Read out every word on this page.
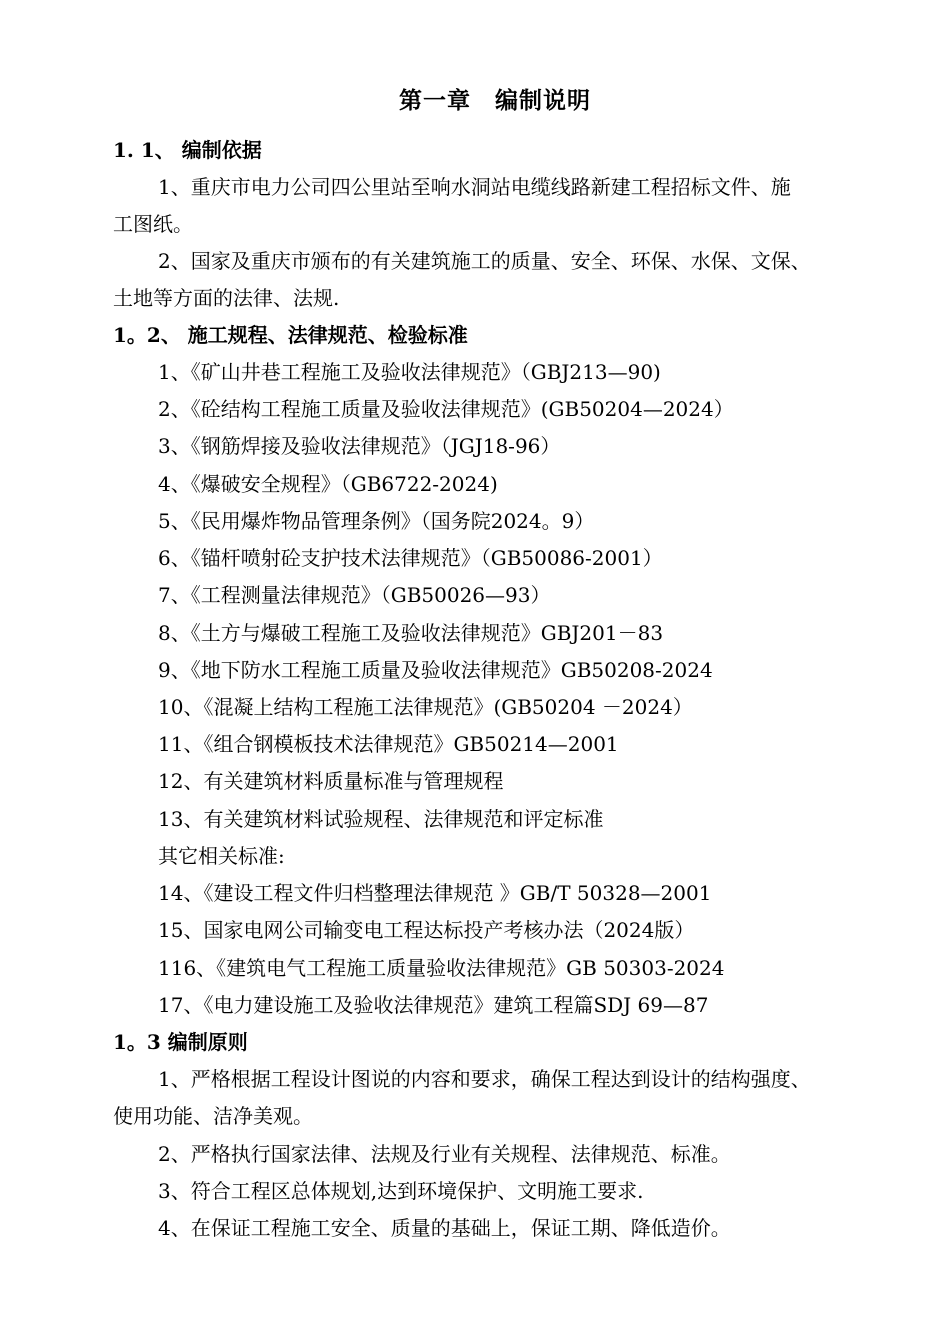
第一章　编制说明
1. 1、 编制依据
1、重庆市电力公司四公里站至响水洞站电缆线路新建工程招标文件、施
工图纸。
2、国家及重庆市颁布的有关建筑施工的质量、安全、环保、水保、文保、
土地等方面的法律、法规.
1。2、 施工规程、法律规范、检验标准
1、《矿山井巷工程施工及验收法律规范》（GBJ213—90)
2、《砼结构工程施工质量及验收法律规范》(GB50204—2024）
3、《钢筋焊接及验收法律规范》（JGJ18-96）
4、《爆破安全规程》（GB6722-2024)
5、《民用爆炸物品管理条例》（国务院2024。9）
6、《锚杆喷射砼支护技术法律规范》（GB50086-2001）
7、《工程测量法律规范》（GB50026—93）
8、《土方与爆破工程施工及验收法律规范》GBJ201－83
9、《地下防水工程施工质量及验收法律规范》GB50208-2024
10、《混凝上结构工程施工法律规范》(GB50204 －2024）
11、《组合钢模板技术法律规范》GB50214—2001
12、有关建筑材料质量标准与管理规程
13、有关建筑材料试验规程、法律规范和评定标准
其它相关标准:
14、《建设工程文件归档整理法律规范 》GB/T 50328—2001
15、国家电网公司输变电工程达标投产考核办法（2024版）
116、《建筑电气工程施工质量验收法律规范》GB 50303-2024
17、《电力建设施工及验收法律规范》建筑工程篇SDJ 69—87
1。3 编制原则
1、严格根据工程设计图说的内容和要求，确保工程达到设计的结构强度、
使用功能、洁净美观。
2、严格执行国家法律、法规及行业有关规程、法律规范、标准。
3、符合工程区总体规划,达到环境保护、文明施工要求.
4、在保证工程施工安全、质量的基础上，保证工期、降低造价。
